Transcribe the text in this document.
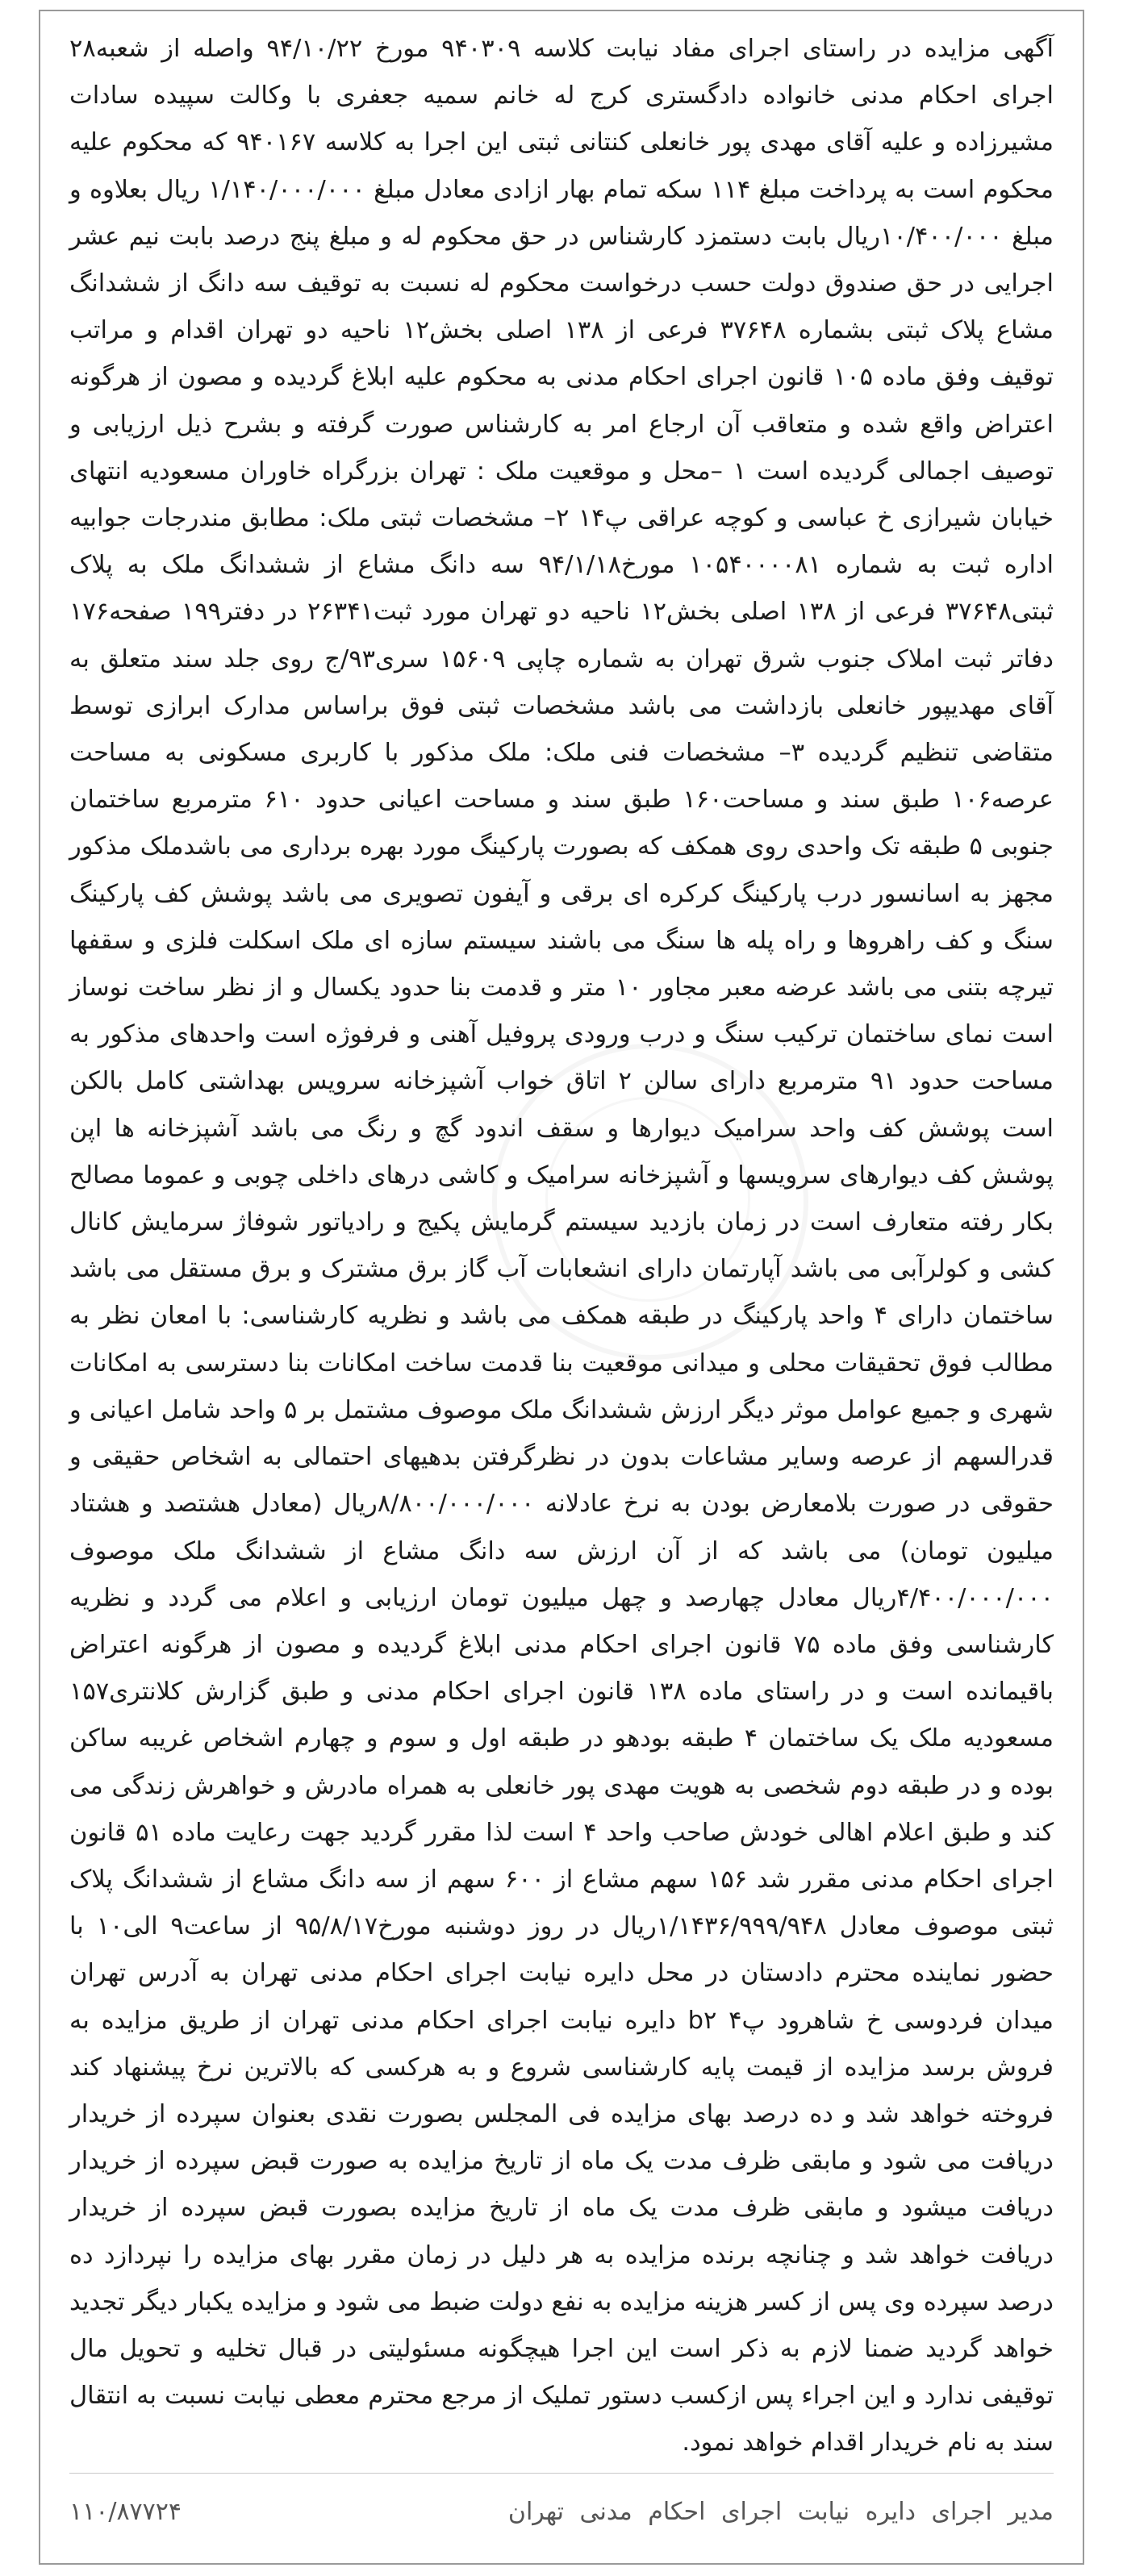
آگهی مزایده در راستای اجرای مفاد نیابت کلاسه ۹۴۰۳۰۹ مورخ ۹۴/۱۰/۲۲ واصله از شعبه۲۸ اجرای احکام مدنی خانواده دادگستری کرج له خانم سمیه جعفری با وکالت سپیده سادات مشیرزاده و علیه آقای مهدی پور خانعلی کنتانی ثبتی این اجرا به کلاسه ۹۴۰۱۶۷ که محکوم علیه محکوم است به پرداخت مبلغ ۱۱۴ سکه تمام بهار ازادی معادل مبلغ ۱/۱۴۰/۰۰۰/۰۰۰ ریال بعلاوه و مبلغ ۱۰/۴۰۰/۰۰۰ریال بابت دستمزد کارشناس در حق محکوم له و مبلغ پنج درصد بابت نیم عشر اجرایی در حق صندوق دولت حسب درخواست محکوم له نسبت به توقیف سه دانگ از ششدانگ مشاع پلاک ثبتی بشماره ۳۷۶۴۸ فرعی از ۱۳۸ اصلی بخش۱۲ ناحیه دو تهران اقدام و مراتب توقیف وفق ماده ۱۰۵ قانون اجرای احکام مدنی به محکوم علیه ابلاغ گردیده و مصون از هرگونه اعتراض واقع شده و متعاقب آن ارجاع امر به کارشناس صورت گرفته و بشرح ذیل ارزیابی و توصیف اجمالی گردیده است ۱ –محل و موقعیت ملک : تهران بزرگراه خاوران مسعودیه انتهای خیابان شیرازی خ عباسی و کوچه عراقی پ۱۴ ۲– مشخصات ثبتی ملک: مطابق مندرجات جوابیه اداره ثبت به شماره ۱۰۵۴۰۰۰۰۸۱ مورخ۹۴/۱/۱۸ سه دانگ مشاع از ششدانگ ملک به پلاک ثبتی۳۷۶۴۸ فرعی از ۱۳۸ اصلی بخش۱۲ ناحیه دو تهران مورد ثبت۲۶۳۴۱ در دفتر۱۹۹ صفحه۱۷۶ دفاتر ثبت املاک جنوب شرق تهران به شماره چاپی ۱۵۶۰۹ سری۹۳/ج روی جلد سند متعلق به آقای مهدیپور خانعلی بازداشت می باشد مشخصات ثبتی فوق براساس مدارک ابرازی توسط متقاضی تنظیم گردیده ۳– مشخصات فنی ملک: ملک مذکور با کاربری مسکونی به مساحت عرصه۱۰۶ طبق سند و مساحت۱۶۰ طبق سند و مساحت اعیانی حدود ۶۱۰ مترمربع ساختمان جنوبی ۵ طبقه تک واحدی روی همکف که بصورت پارکینگ مورد بهره برداری می باشدملک مذکور مجهز به اسانسور درب پارکینگ کرکره ای برقی و آیفون تصویری می باشد پوشش کف پارکینگ سنگ و کف راهروها و راه پله ها سنگ می باشند سیستم سازه ای ملک اسکلت فلزی و سقفها تیرچه بتنی می باشد عرضه معبر مجاور ۱۰ متر و قدمت بنا حدود یکسال و از نظر ساخت نوساز است نمای ساختمان ترکیب سنگ و درب ورودی پروفیل آهنی و فرفوژه است واحدهای مذکور به مساحت حدود ۹۱ مترمربع دارای سالن ۲ اتاق خواب آشپزخانه سرویس بهداشتی کامل بالکن است پوشش کف واحد سرامیک دیوارها و سقف اندود گچ و رنگ می باشد آشپزخانه ها اپن پوشش کف دیوارهای سرویسها و آشپزخانه سرامیک و کاشی درهای داخلی چوبی و عموما مصالح بکار رفته متعارف است در زمان بازدید سیستم گرمایش پکیج و رادیاتور شوفاژ سرمایش کانال کشی و کولرآبی می باشد آپارتمان دارای انشعابات آب گاز برق مشترک و برق مستقل می باشد ساختمان دارای ۴ واحد پارکینگ در طبقه همکف می باشد و نظریه کارشناسی: با امعان نظر به مطالب فوق تحقیقات محلی و میدانی موقعیت بنا قدمت ساخت امکانات بنا دسترسی به امکانات شهری و جمیع عوامل موثر دیگر ارزش ششدانگ ملک موصوف مشتمل بر ۵ واحد شامل اعیانی و قدرالسهم از عرصه وسایر مشاعات بدون در نظرگرفتن بدهیهای احتمالی به اشخاص حقیقی و حقوقی در صورت بلامعارض بودن به نرخ عادلانه ۸/۸۰۰/۰۰۰/۰۰۰ریال (معادل هشتصد و هشتاد میلیون تومان) می باشد که از آن ارزش سه دانگ مشاع از ششدانگ ملک موصوف ۴/۴۰۰/۰۰۰/۰۰۰ریال معادل چهارصد و چهل میلیون تومان ارزیابی و اعلام می گردد و نظریه کارشناسی وفق ماده ۷۵ قانون اجرای احکام مدنی ابلاغ گردیده و مصون از هرگونه اعتراض باقیمانده است و در راستای ماده ۱۳۸ قانون اجرای احکام مدنی و طبق گزارش کلانتری۱۵۷ مسعودیه ملک یک ساختمان ۴ طبقه بودهو در طبقه اول و سوم و چهارم اشخاص غریبه ساکن بوده و در طبقه دوم شخصی به هویت مهدی پور خانعلی به همراه مادرش و خواهرش زندگی می کند و طبق اعلام اهالی خودش صاحب واحد ۴ است لذا مقرر گردید جهت رعایت ماده ۵۱ قانون اجرای احکام مدنی مقرر شد ۱۵۶ سهم مشاع از ۶۰۰ سهم از سه دانگ مشاع از ششدانگ پلاک ثبتی موصوف معادل ۱/۱۴۳۶/۹۹۹/۹۴۸ریال در روز دوشنبه مورخ۹۵/۸/۱۷ از ساعت۹ الی۱۰ با حضور نماینده محترم دادستان در محل دایره نیابت اجرای احکام مدنی تهران به آدرس تهران میدان فردوسی خ شاهرود پ۴ b۲ دایره نیابت اجرای احکام مدنی تهران از طریق مزایده به فروش برسد مزایده از قیمت پایه کارشناسی شروع و به هرکسی که بالاترین نرخ پیشنهاد کند فروخته خواهد شد و ده درصد بهای مزایده فی المجلس بصورت نقدی بعنوان سپرده از خریدار دریافت می شود و مابقی ظرف مدت یک ماه از تاریخ مزایده به صورت قبض سپرده از خریدار دریافت میشود و مابقی ظرف مدت یک ماه از تاریخ مزایده بصورت قبض سپرده از خریدار دریافت خواهد شد و چنانچه برنده مزایده به هر دلیل در زمان مقرر بهای مزایده را نپردازد ده درصد سپرده وی پس از کسر هزینه مزایده به نفع دولت ضبط می شود و مزایده یکبار دیگر تجدید خواهد گردید ضمنا لازم به ذکر است این اجرا هیچگونه مسئولیتی در قبال تخلیه و تحویل مال توقیفی ندارد و این اجراء پس ازکسب دستور تملیک از مرجع محترم معطی نیابت نسبت به انتقال سند به نام خریدار اقدام خواهد نمود.

مدیر اجرای دایره نیابت اجرای احکام مدنی تهران
۱۱۰/۸۷۷۲۴
